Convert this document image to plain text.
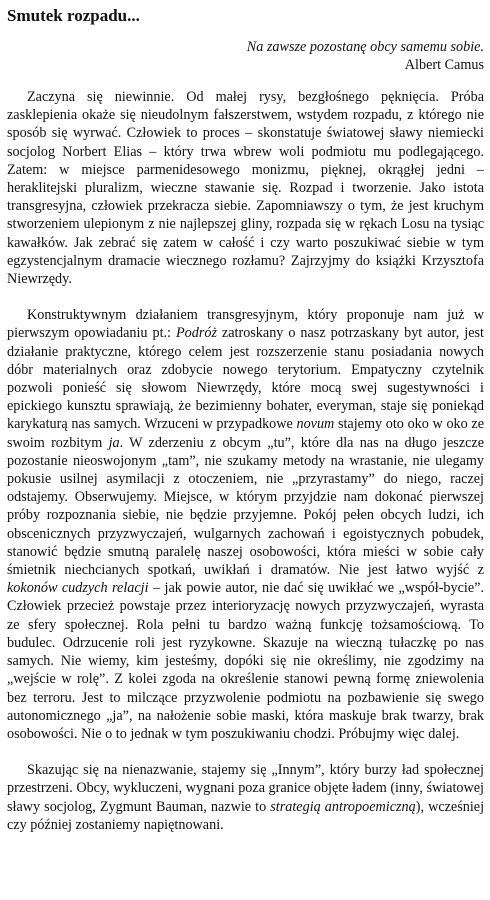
Smutek rozpadu...
Na zawsze pozostanę obcy samemu sobie.
Albert Camus

Zaczyna się niewinnie. Od małej rysy, bezgłośnego pęknięcia. Próba zasklepienia okaże się nieudolnym fałszerstwem, wstydem rozpadu, z którego nie sposób się wyrwać. Człowiek to proces – skonstatuje światowej sławy niemiecki socjolog Norbert Elias – który trwa wbrew woli podmiotu mu podlegającego. Zatem: w miejsce parmenidesowego monizmu, pięknej, okrągłej jedni – heraklitejski pluralizm, wieczne stawanie się. Rozpad i tworzenie. Jako istota transgresyjna, człowiek przekracza siebie. Zapomniawszy o tym, że jest kruchym stworzeniem ulepionym z nie najlepszej gliny, rozpada się w rękach Losu na tysiąc kawałków. Jak zebrać się zatem w całość i czy warto poszukiwać siebie w tym egzystencjalnym dramacie wiecznego rozłamu? Zajrzyjmy do książki Krzysztofa Niewrzędy.

Konstruktywnym działaniem transgresyjnym, który proponuje nam już w pierwszym opowiadaniu pt.: Podróż zatroskany o nasz potrzaskany byt autor, jest działanie praktyczne, którego celem jest rozszerzenie stanu posiadania nowych dóbr materialnych oraz zdobycie nowego terytorium. Empatyczny czytelnik pozwoli ponieść się słowom Niewrzędy, które mocą swej sugestywności i epickiego kunsztu sprawiają, że bezimienny bohater, everyman, staje się poniekąd karykaturą nas samych. Wrzuceni w przypadkowe novum stajemy oto oko w oko ze swoim rozbitym ja. W zderzeniu z obcym „tu”, które dla nas na długo jeszcze pozostanie nieoswojonym „tam”, nie szukamy metody na wrastanie, nie ulegamy pokusie usilnej asymilacji z otoczeniem, nie „przyrastamy” do niego, raczej odstajemy. Obserwujemy. Miejsce, w którym przyjdzie nam dokonać pierwszej próby rozpoznania siebie, nie będzie przyjemne. Pokój pełen obcych ludzi, ich obscenicznych przyzwyczajeń, wulgarnych zachowań i egoistycznych pobudek, stanowić będzie smutną paralelę naszej osobowości, która mieści w sobie cały śmietnik niechcianych spotkań, uwikłań i dramatów. Nie jest łatwo wyjść z kokonów cudzych relacji – jak powie autor, nie dać się uwikłać we „współ-bycie”. Człowiek przecież powstaje przez interioryzację nowych przyzwyczajeń, wyrasta ze sfery społecznej. Rola pełni tu bardzo ważną funkcję tożsamościową. To budulec. Odrzucenie roli jest ryzykowne. Skazuje na wieczną tułaczkę po nas samych. Nie wiemy, kim jesteśmy, dopóki się nie określimy, nie zgodzimy na „wejście w rolę”. Z kolei zgoda na określenie stanowi pewną formę zniewolenia bez terroru. Jest to milczące przyzwolenie podmiotu na pozbawienie się swego autonomicznego „ja”, na nałożenie sobie maski, która maskuje brak twarzy, brak osobowości. Nie o to jednak w tym poszukiwaniu chodzi. Próbujmy więc dalej.

Skazując się na nienazwanie, stajemy się „Innym”, który burzy ład społecznej przestrzeni. Obcy, wykluczeni, wygnani poza granice objęte ładem (inny, światowej sławy socjolog, Zygmunt Bauman, nazwie to strategią antropoemiczną), wcześniej czy później zostaniemy napiętnowani.
